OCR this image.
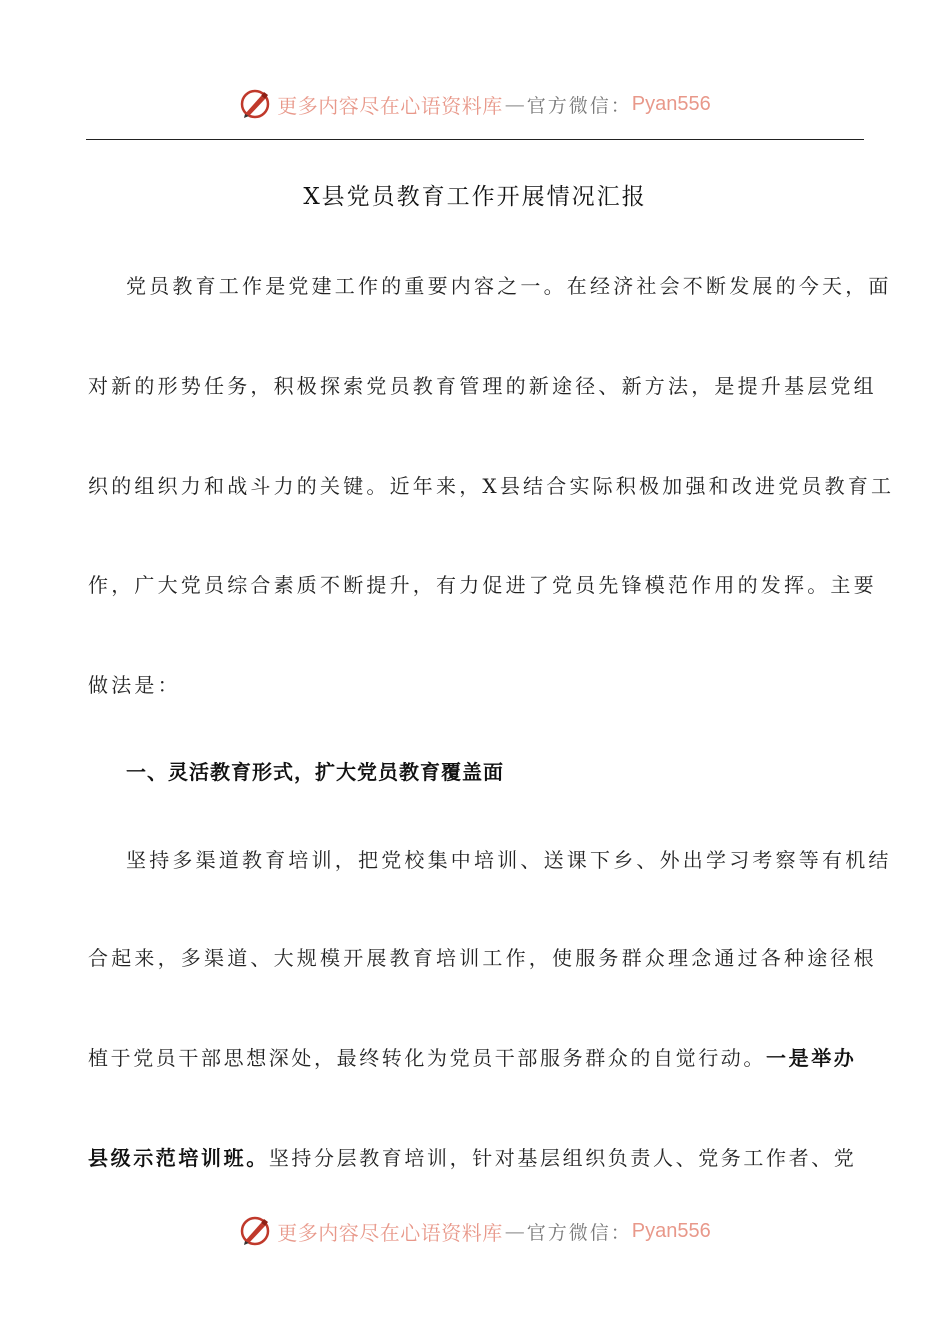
更多内容尽在心语资料库 — 官方微信： Pyan556
X县党员教育工作开展情况汇报
党员教育工作是党建工作的重要内容之一。在经济社会不断发展的今天，面
对新的形势任务，积极探索党员教育管理的新途径、新方法，是提升基层党组
织的组织力和战斗力的关键。近年来，X县结合实际积极加强和改进党员教育工
作，广大党员综合素质不断提升，有力促进了党员先锋模范作用的发挥。主要
做法是：
一、灵活教育形式，扩大党员教育覆盖面
坚持多渠道教育培训，把党校集中培训、送课下乡、外出学习考察等有机结
合起来，多渠道、大规模开展教育培训工作，使服务群众理念通过各种途径根
植于党员干部思想深处，最终转化为党员干部服务群众的自觉行动。一是举办
县级示范培训班。坚持分层教育培训，针对基层组织负责人、党务工作者、党
更多内容尽在心语资料库 — 官方微信： Pyan556
